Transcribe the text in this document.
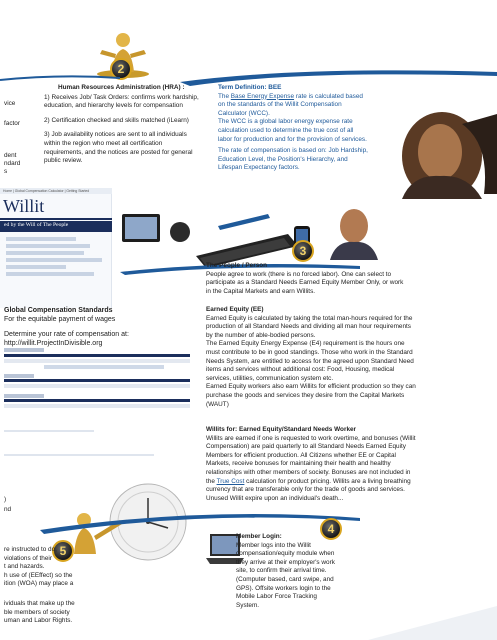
2
vice
factor
dent
ndard
s
Human Resources Administration (HRA) :
1) Receives Job/ Task Orders: confirms work hardship, education, and hierarchy levels for compensation
2) Certification checked and skills matched (iLearn)
3) Job availability notices are sent to all individuals within the region who meet all certification requirements, and the notices are posted for general public review.
Term Definition: BEE
The Base Energy Expense rate is calculated based on the standards of the Willit Compensation Calculator (WCC).
The WCC is a global labor energy expense rate calculation used to determine the true cost of all labor for production and for the provision of services.
The rate of compensation is based on: Job Hardship, Education Level, the Position's Hierarchy, and Lifespan Expectancy factors.
Home | Global Compensation Calculator | Getting Started
Willit
ed by the Will of The People
3
The People / Person
People agree to work (there is no forced labor). One can select to participate as a Standard Needs Earned Equity Member Only, or work in the Capital Markets and earn Willits.
Global Compensation Standards
For the equitable payment of wages
Determine your rate of compensation at:
http://willit.ProjectInDivisible.org
Earned Equity (EE)
Earned Equity is calculated by taking the total man-hours required for the production of all Standard Needs and dividing all man hour requirements by the number of able-bodied persons.
The Earned Equity Energy Expense (E4) requirement is the hours one must contribute to be in good standings. Those who work in the Standard Needs System, are entitled to access for the agreed upon Standard Need items and services without additional cost: Food, Housing, medical services, utilities, communication system etc.
Earned Equity workers also earn Willits for efficient production so they can purchase the goods and services they desire from the Capital Markets (WAUT)
Willits for: Earned Equity/Standard Needs Worker
Willits are earned if one is requested to work overtime, and bonuses (Willit Compensation) are paid quarterly to all Standard Needs Earned Equity Members for efficient production. All Citizens whether EE or Capital Markets, receive bonuses for maintaining their health and healthy relationships with other members of society. Bonuses are not included in the True Cost calculation for product pricing. Willits are a living breathing currency that are transferable only for the trade of goods and services. Unused Willit expire upon an individual's death...
)
nd
5
re instructed to do,
violations of their
t and hazards.
h use of (EEffect) so the
ition (WOA) may place a
ividuals that make up the
ble members of society
uman and Labor Rights.
4
Member Login:
Member logs into the Willit compensation/equity module when they arrive at their employer's work site, to confirm their arrival time. (Computer based, card swipe, and GPS). Offsite workers login to the Mobile Labor Force Tracking System.
